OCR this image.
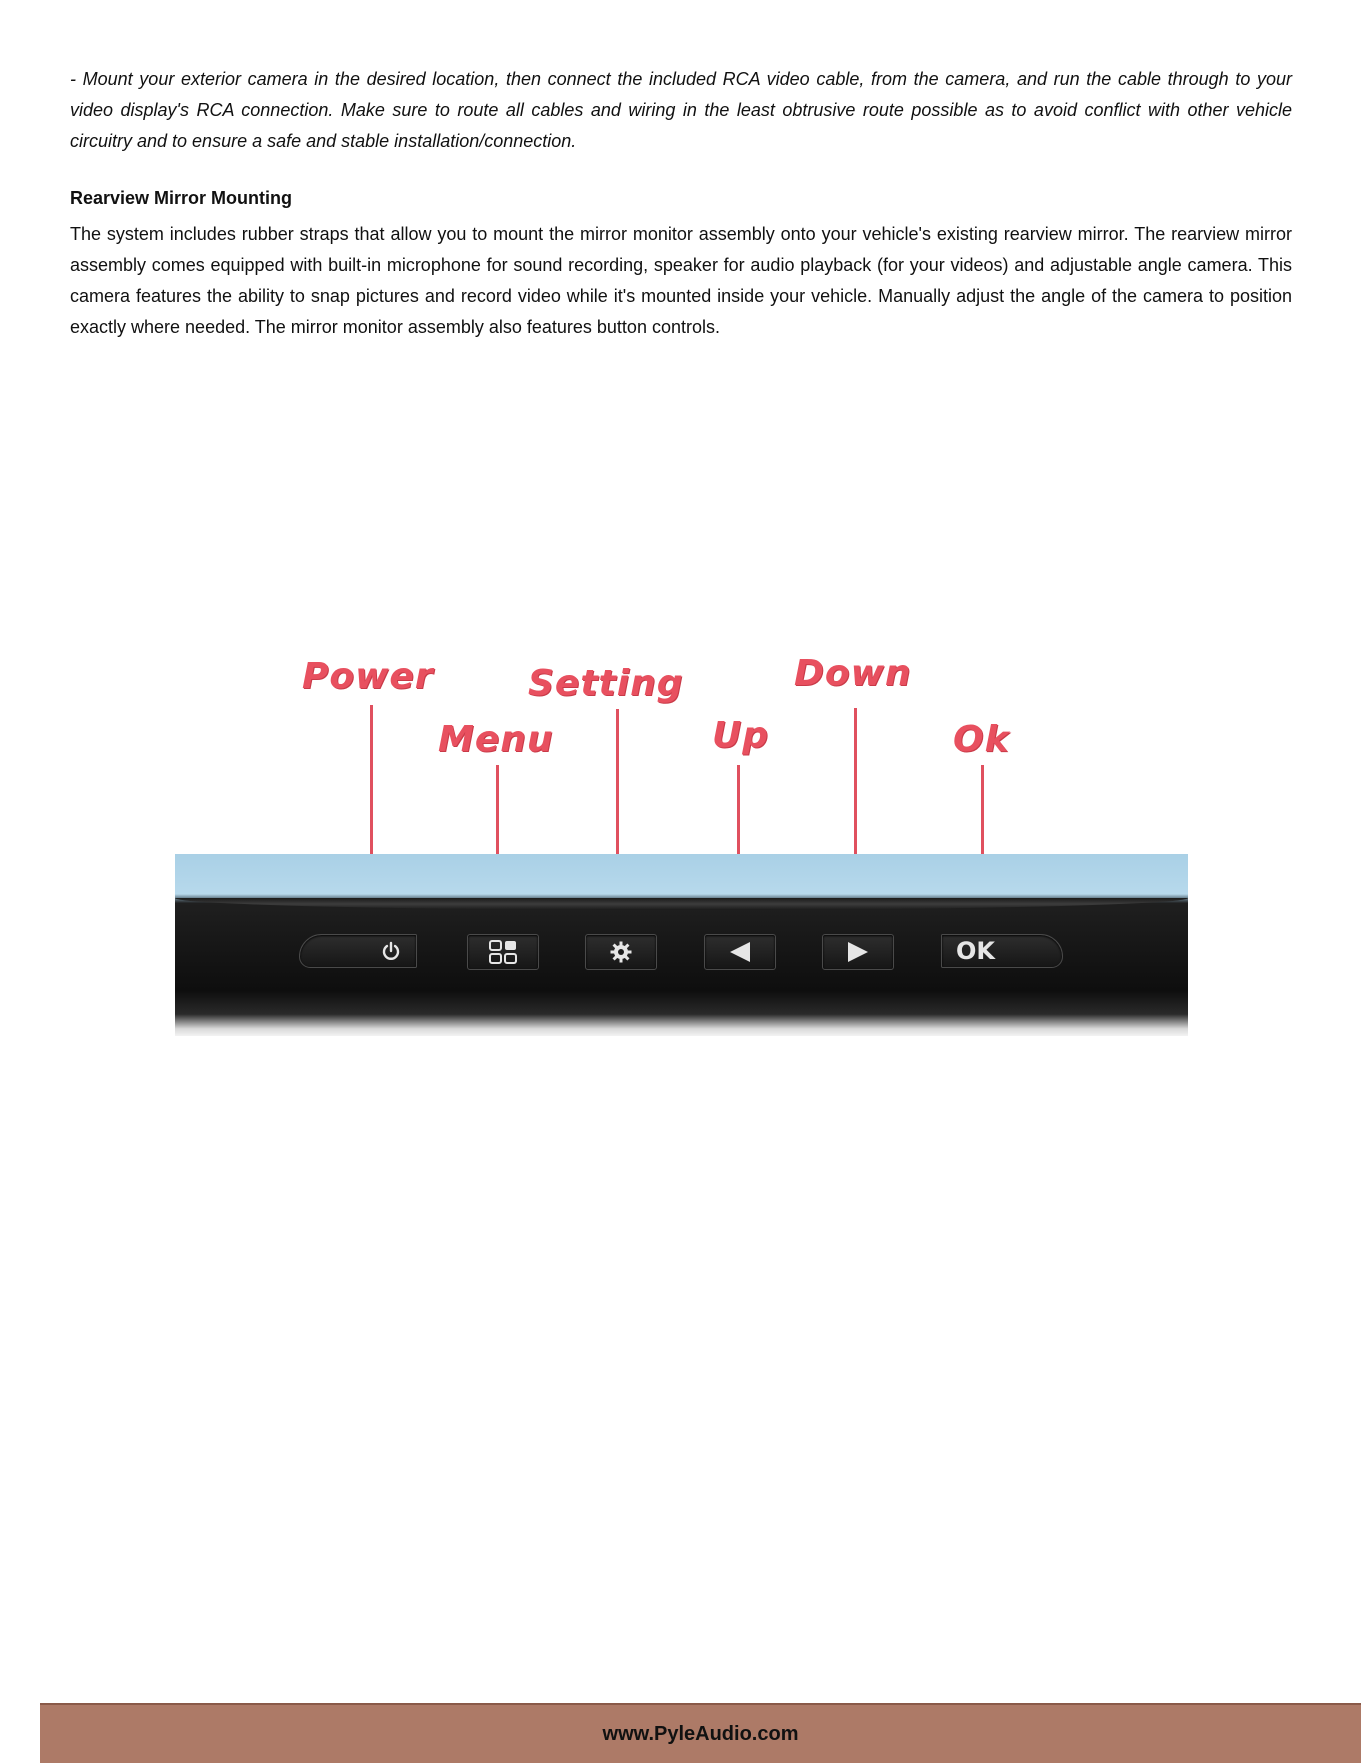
- Mount your exterior camera in the desired location, then connect the included RCA video cable, from the camera, and run the cable through to your video display's RCA connection. Make sure to route all cables and wiring in the least obtrusive route possible as to avoid conflict with other vehicle circuitry and to ensure a safe and stable installation/connection.

Rearview Mirror Mounting

The system includes rubber straps that allow you to mount the mirror monitor assembly onto your vehicle's existing rearview mirror. The rearview mirror assembly comes equipped with built-in microphone for sound recording, speaker for audio playback (for your videos) and adjustable angle camera. This camera features the ability to snap pictures and record video while it's mounted inside your vehicle. Manually adjust the angle of the camera to position exactly where needed. The mirror monitor assembly also features button controls.

Power	Setting	Down
Menu	Up	Ok
OK
www.PyleAudio.com
